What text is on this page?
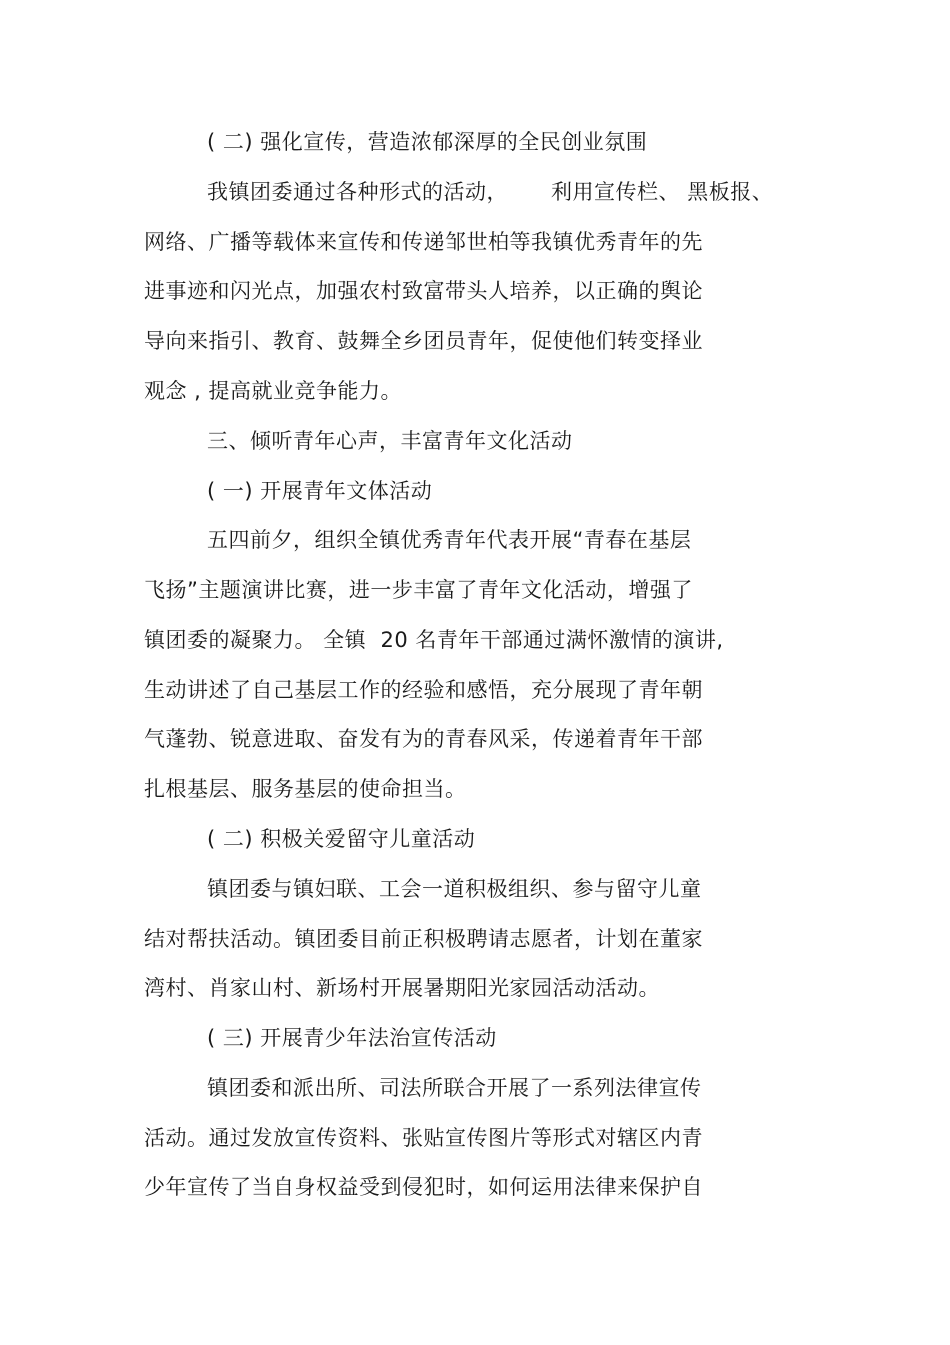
( 二) 强化宣传，营造浓郁深厚的全民创业氛围
我镇团委通过各种形式的活动，      利用宣传栏、 黑板报、
网络、广播等载体来宣传和传递邹世柏等我镇优秀青年的先
进事迹和闪光点，加强农村致富带头人培养，以正确的舆论
导向来指引、教育、鼓舞全乡团员青年，促使他们转变择业
观念 , 提高就业竞争能力。
三、倾听青年心声，丰富青年文化活动
( 一) 开展青年文体活动
五四前夕，组织全镇优秀青年代表开展“青春在基层
飞扬”主题演讲比赛，进一步丰富了青年文化活动，增强了
镇团委的凝聚力。 全镇  20 名青年干部通过满怀激情的演讲,
生动讲述了自己基层工作的经验和感悟，充分展现了青年朝
气蓬勃、锐意进取、奋发有为的青春风采，传递着青年干部
扎根基层、服务基层的使命担当。
( 二) 积极关爱留守儿童活动
镇团委与镇妇联、工会一道积极组织、参与留守儿童
结对帮扶活动。镇团委目前正积极聘请志愿者，计划在董家
湾村、肖家山村、新场村开展暑期阳光家园活动活动。
( 三) 开展青少年法治宣传活动
镇团委和派出所、司法所联合开展了一系列法律宣传
活动。通过发放宣传资料、张贴宣传图片等形式对辖区内青
少年宣传了当自身权益受到侵犯时，如何运用法律来保护自
